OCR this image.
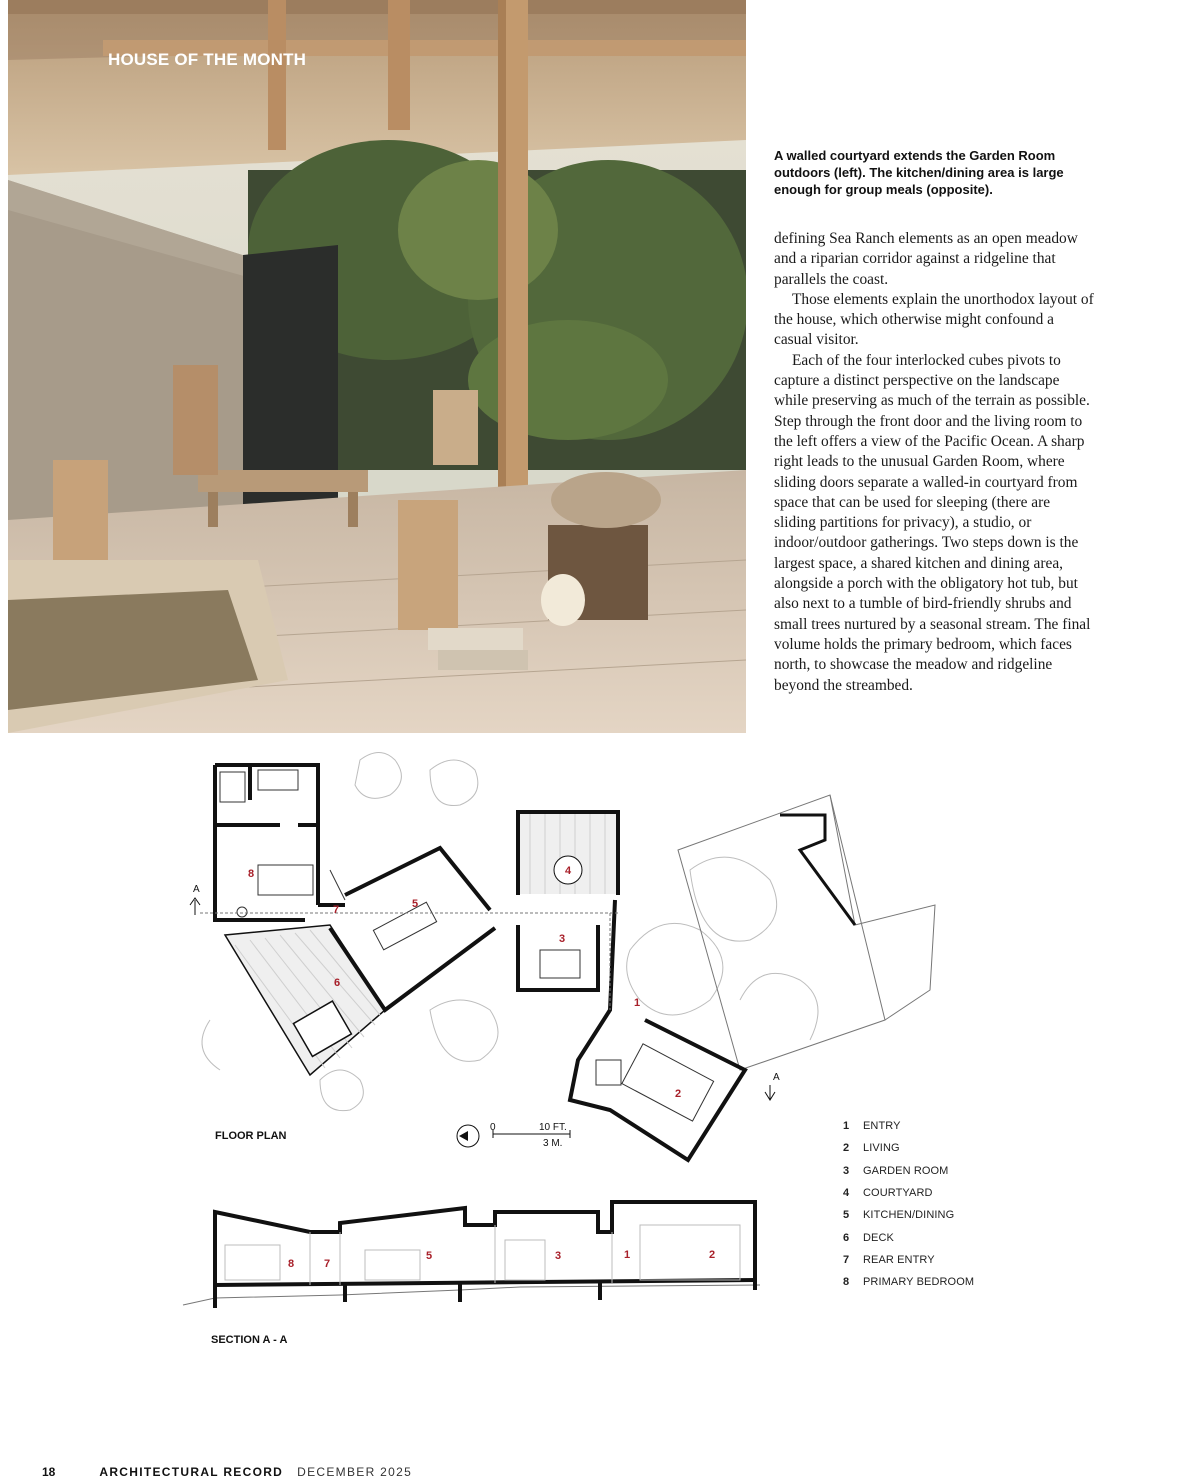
HOUSE OF THE MONTH

A walled courtyard extends the Garden Room outdoors (left). The kitchen/dining area is large enough for group meals (opposite).

defining Sea Ranch elements as an open meadow and a riparian corridor against a ridgeline that parallels the coast.

Those elements explain the unorthodox layout of the house, which otherwise might confound a casual visitor.

Each of the four interlocked cubes pivots to capture a distinct perspective on the landscape while preserving as much of the terrain as possible. Step through the front door and the living room to the left offers a view of the Pacific Ocean. A sharp right leads to the unusual Garden Room, where sliding doors separate a walled-in courtyard from space that can be used for sleeping (there are sliding partitions for privacy), a studio, or indoor/outdoor gatherings. Two steps down is the largest space, a shared kitchen and dining area, alongside a porch with the obligatory hot tub, but also next to a tumble of bird-friendly shrubs and small trees nurtured by a seasonal stream. The final volume holds the primary bedroom, which faces north, to showcase the meadow and ridgeline beyond the streambed.

A
A
1
2
3
4
5
6
7
8
0	10 FT.
3 M.
FLOOR PLAN
8	7
5	3	1	2
SECTION A - A
1	ENTRY
2	LIVING
3	GARDEN ROOM
4	COURTYARD
5	KITCHEN/DINING
6	DECK
7	REAR ENTRY
8	PRIMARY BEDROOM
18	ARCHITECTURAL RECORD DECEMBER 2025
